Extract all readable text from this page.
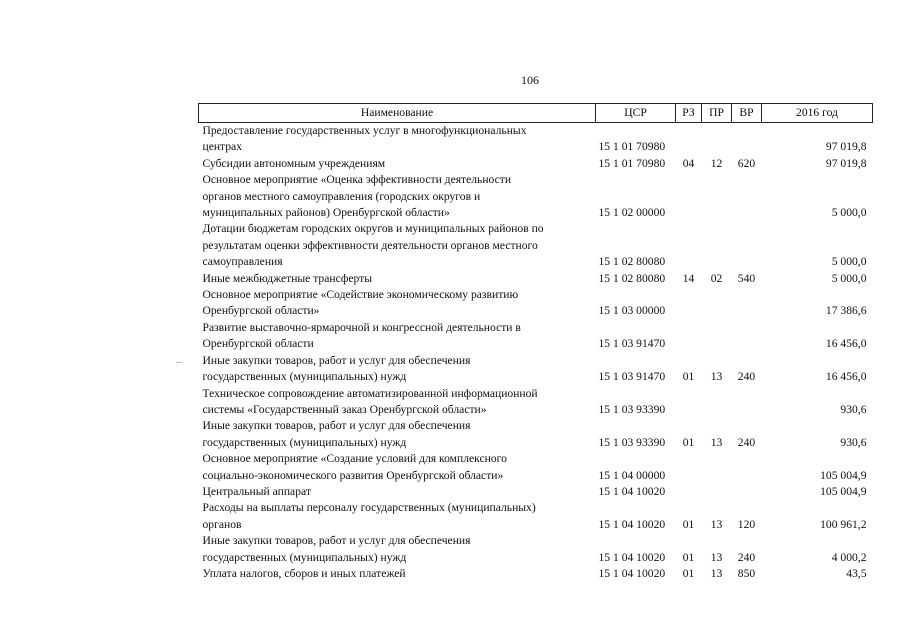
106
Наименование	ЦСР	РЗ	ПР	ВР	2016 год

Предоставление государственных услуг в многофункциональных
центрах	15 1 01 70980				97 019,8

Субсидии автономным учреждениям	15 1 01 70980	04	12	620	97 019,8

Основное мероприятие «Оценка эффективности деятельности
органов местного самоуправления (городских округов и
муниципальных районов) Оренбургской области»	15 1 02 00000				5 000,0

Дотации бюджетам городских округов и муниципальных районов по
результатам оценки эффективности деятельности органов местного
самоуправления	15 1 02 80080				5 000,0

Иные межбюджетные трансферты	15 1 02 80080	14	02	540	5 000,0

Основное мероприятие «Содействие экономическому развитию
Оренбургской области»	15 1 03 00000				17 386,6

Развитие выставочно-ярмарочной и конгрессной деятельности в
Оренбургской области	15 1 03 91470				16 456,0

Иные закупки товаров, работ и услуг для обеспечения
государственных (муниципальных) нужд	15 1 03 91470	01	13	240	16 456,0

Техническое сопровождение автоматизированной информационной
системы «Государственный заказ Оренбургской области»	15 1 03 93390				930,6

Иные закупки товаров, работ и услуг для обеспечения
государственных (муниципальных) нужд	15 1 03 93390	01	13	240	930,6

Основное мероприятие «Создание условий для комплексного
социально-экономического развития Оренбургской области»	15 1 04 00000				105 004,9

Центральный аппарат	15 1 04 10020				105 004,9

Расходы на выплаты персоналу государственных (муниципальных)
органов	15 1 04 10020	01	13	120	100 961,2

Иные закупки товаров, работ и услуг для обеспечения
государственных (муниципальных) нужд	15 1 04 10020	01	13	240	4 000,2

Уплата налогов, сборов и иных платежей	15 1 04 10020	01	13	850	43,5
